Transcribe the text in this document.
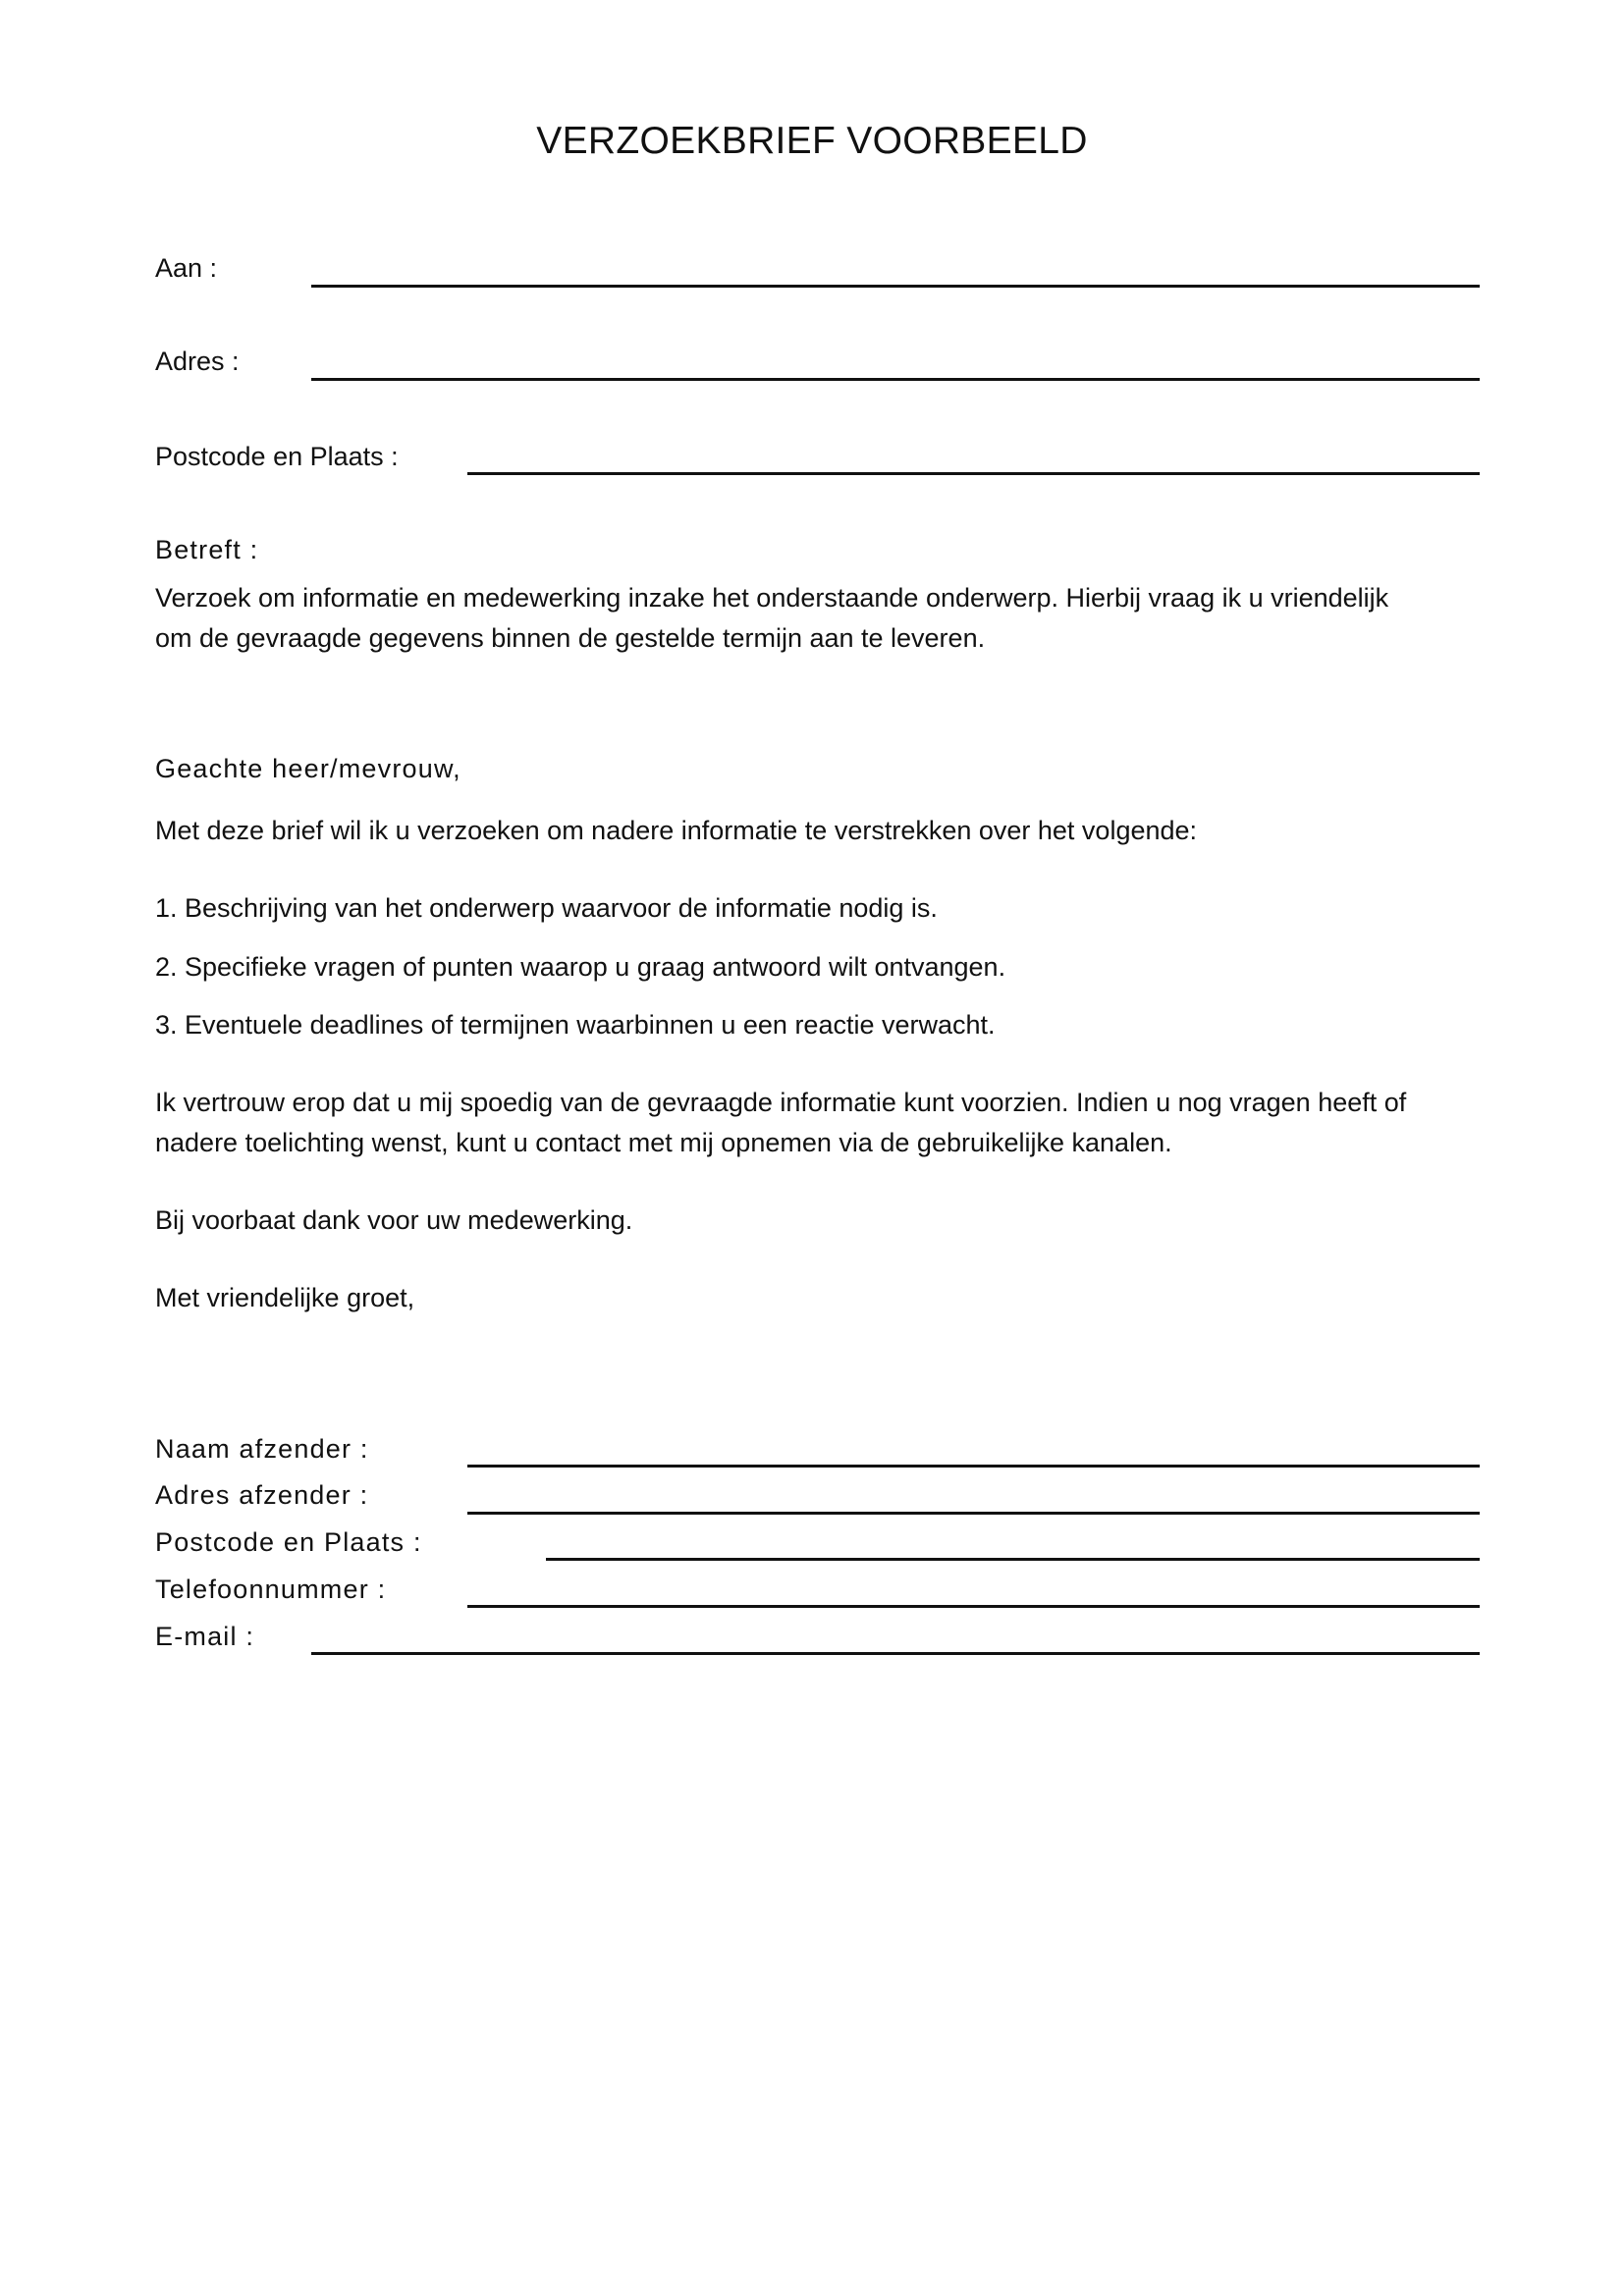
VERZOEKBRIEF VOORBEELD
Aan :
Adres :
Postcode en Plaats :
Betreft :
Verzoek om informatie en medewerking inzake het onderstaande onderwerp. Hierbij vraag ik u vriendelijk
om de gevraagde gegevens binnen de gestelde termijn aan te leveren.
Geachte heer/mevrouw,
Met deze brief wil ik u verzoeken om nadere informatie te verstrekken over het volgende:
1. Beschrijving van het onderwerp waarvoor de informatie nodig is.
2. Specifieke vragen of punten waarop u graag antwoord wilt ontvangen.
3. Eventuele deadlines of termijnen waarbinnen u een reactie verwacht.
Ik vertrouw erop dat u mij spoedig van de gevraagde informatie kunt voorzien. Indien u nog vragen heeft of
nadere toelichting wenst, kunt u contact met mij opnemen via de gebruikelijke kanalen.
Bij voorbaat dank voor uw medewerking.
Met vriendelijke groet,
Naam afzender :
Adres afzender :
Postcode en Plaats :
Telefoonnummer :
E-mail :
